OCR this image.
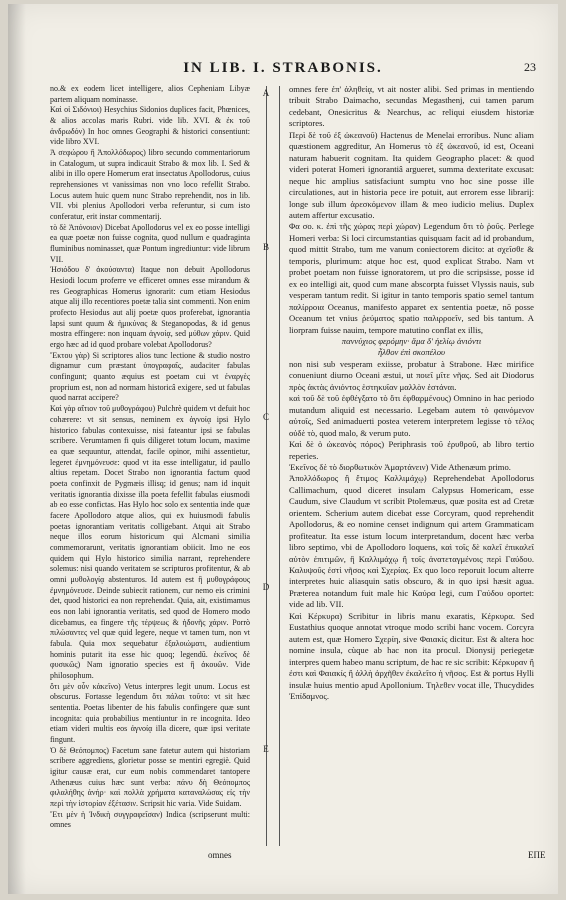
IN LIB. I. STRABONIS.	23

no.& ex eodem licet intelligere, alios Cepheniam Libyæ partem aliquam nominasse.

Καὶ οἱ Σιδόνιοι) Hesychius Sidonios duplices facit, Phœnices, & alios accolas maris Rubri. vide lib. XVI. & ἐκ τοῦ ἀνδρωδόν) In hoc omnes Geographi & historici consentiunt: vide libro XVI.

Ἀ σεφώρου ἢ Ἀπολλόδωρος) libro secundo commentariorum in Catalogum, ut supra indicauit Strabo & mox lib. I. Sed & alibi in illo opere Homerum erat insectatus Apollodorus, cuius reprehensiones vt vanissimas non vno loco refellit Strabo. Locus autem huic quem nunc Strabo reprehendit, nos in lib. VII. vbi plenius Apollodori verba referuntur, si cum isto conferatur, erit instar commentarij.

τὸ δὲ Ἀπόνοιον) Dicebat Apollodorus vel ex eo posse intelligi ea quæ poetæ non fuisse cognita, quod nullum e quadraginta fluminibus nominasset, quæ Pontum ingrediuntur: vide librum VII.

Ἡσιόδου δ' ἀκούσαντα) Itaque non debuit Apollodorus Hesiodi locum proferre ve efficeret omnes esse mirandum & res Geographicas Homerus ignorarit: cum etiam Hesiodus atque alij illo recentiores poetæ talia sint commenti. Non enim profecto Hesiodus aut alij poetæ quos proferebat, ignorantia lapsi sunt quum & ἡμικύνας & Steganopodas, & id genus mostra effingere: non inquam ἀγνοίᾳ, sed μύθων χάριν. Quid ergo hæc ad id quod probare volebat Apollodorus?

Ἔκτου γὰρ) Si scriptores alios tunc lectione & studio nostro dignamur cum præstant ὑπογραφαῖς, audaciter fabulas confingunt; quanto æquius est poetam cui vt ἐναργὲς proprium est, non ad normam historicâ exigere, sed ut fabulas quod narrat accipere?

Καὶ γὰρ αἴτιον τοῦ μυθογράφου) Pulchrè quidem vt defuit hoc cohærere: vt sit sensus, neminem ex ἀγνοίᾳ ipsi Hylo historico fabulas contexuisse, nisi fateantur ipsi se fabulas scribere. Verumtamen fi quis diligeret totum locum, maxime ea quæ sequuntur, attendat, facile opinor, mihi assentietur, legeret ἐμνημόνευσε: quod vt ita esse intelligatur, id paullo altius repetam. Docet Strabo non ignorantia factum quod poeta confinxit de Pygmæis illisq; id genus; nam id inquit veritatis ignorantia dixisse illa poeta fefellit fabulas eiusmodi ab eo esse confictas. Has Hylo hoc solo ex sententia inde quæ facere Apollodoro atque alios, qui ex huiusmodi fabulis poetas ignorantiam veritatis colligebant. Atqui ait Strabo neque illos eorum historicum qui Alcmani similia commemorarunt, veritatis ignorantiam obiicit. Imo ne eos quidem qui Hylo historico similia narrant, reprehendere solemus: nisi quando veritatem se scripturos profitentur, & ab omni μυθολογίᾳ abstenturos. Id autem est ἢ μυθογράφους ἐμνημόνευσε. Deinde subiecit rationem, cur nemo eis crimini det, quod historici ea non reprehendat. Quia, ait, existimamus eos non labi ignorantia veritatis, sed quod de Homero modo dicebamus, ea fingere τῆς τέρψεως & ἡδονῆς χάριν. Porrò πιλώσαντες vel quæ quid legere, neque vt tamen tum, non vt fabula. Quia mox sequebatur ἐξαλοιώματι, audientium hominis putarit ita esse hic quoq; legendū. ἐκεῖνος δὲ φυσικῶς) Nam ignoratio species est ἢ ἀκουῶν. Vide philosophum.

ὅτι μὲν οὖν κἀκεῖνο) Vetus interpres legit unum. Locus est obscurus. Fortasse legendum ὅτι πάλαι τοῦτο: vt sit hæc sententia. Poetas libenter de his fabulis confingere quæ sunt incognita: quia probabilius mentiuntur in re incognita. Ideo etiam videri multis eos ἀγνοίᾳ illa dicere, quæ ipsi veritate fingunt.

Ὁ δὲ Θεόπομπος) Facetum sane fatetur autem qui historiam scribere aggrediens, glorietur posse se mentiri egregiè. Quid igitur causæ erat, cur eum nobis commendaret tantopere Athenæus cuius hæc sunt verba: πάνυ δὴ Θεόπομπος φιλαλήθης ἀνήρ· καὶ πολλὰ χρήματα καταναλώσας εἰς τὴν περὶ τὴν ἱστορίαν ἐξέτασιν. Scripsit hic varia. Vide Suidam.

Ἔτι μὲν ἡ Ἰνδικὴ συγγραφεῖσαν) Indica (scripserunt multi: omnes

A
B
C
D
E

omnes fere ἐπ' ἀληθείᾳ, vt ait noster alibi. Sed primas in mentiendo tribuit Strabo Daimacho, secundas Megasthenj, cui tamen parum cedebant, Onesicritus & Nearchus, ac reliqui eiusdem historiæ scriptores.

Περὶ δὲ τοῦ ἐξ ὠκεανοῦ) Hactenus de Menelai erroribus. Nunc aliam quæstionem aggreditur, An Homerus τὸ ἐξ ὠκεανοῦ, id est, Oceani naturam habuerit cognitam. Ita quidem Geographo placet: & quod videri poterat Homeri ignorantiâ argueret, summa dexteritate excusat: neque hic amplius satisfaciunt sumptu vno hoc sine posse ille circulationes, aut in historia pece ire potuit, aut errorem esse librarij: longe sub illum ἀρεσκόμενον illam & meo iudicio melius. Duplex autem affertur excusatio.

Φα σο. κ. ἐπὶ τῆς χώρας περὶ χώραν) Legendum ὅτι τὸ ῥοῦς. Perlege Homeri verba: Si loci circumstantias quisquam facit ad id probandum, quod mittit Strabo, tum me vanum coniectorem dicito: at σχεῖσθε & temporis, plurimum: atque hoc est, quod explicat Strabo. Nam vt probet poetam non fuisse ignoratorem, ut pro die scripsisse, posse id ex eo intelligi ait, quod cum mane abscorpta fuisset Vlyssis nauis, sub vesperam tantum redit. Si igitur in tanto temporis spatio semel tantum παλίρροια Oceanus, manifesto apparet ex sententia poetæ, nō posse Oceanum tet vnius ῥεύματος spatio παλιρροεῖν, sed bis tantum. A liorpram fuisse nauim, tempore matutino conflat ex illis,

παννύχιος φερόμην· ἅμα δ' ἠελίῳ ἀνιόντι

ἦλθον ἐπὶ σκοπέλου

non nisi sub vesperam exiisse, probatur à Strabone. Hæc mirifice conueniunt diurno Oceani æstui, ut ποιεῖ μῖτε νῆας. Sed ait Diodorus πρὸς ἀκτὰς ἀνιόντος ἑστηκυῖαν μαλλὸν ἑστάναι.

καὶ τοῦ δὲ τοῦ ἐφθέγξατο τὸ ὄτι ἐφθαρμένους) Omnino in hac periodo mutandum aliquid est necessario. Legebam autem τὸ φαινόμενον αὐτοῖς, Sed animaduerti postea veterem interpretem legisse τὸ τέλος οὐδὲ τὸ, quod malo, & verum puto.

Καὶ δὲ ὁ ὠκεανὸς πόρος) Periphrasis τοῦ ἐρυθροῦ, ab libro tertio reperies.

Ἐκεῖνος δὲ τὸ διορθωτικὸν Ἀμαρτάνειν) Vide Athenæum primo.

Ἀπολλόδωρος ἢ ἔτιμος Καλλιμάχῳ) Reprehendebat Apollodorus Callimachum, quod diceret insulam Calypsus Homericam, esse Caudum, sive Claudum vt scribit Ptolemæus, quæ posita est ad Cretæ orientem. Scherium autem dicebat esse Corcyram, quod reprehendit Apollodorus, & eo nomine censet indignum qui artem Grammaticam profiteatur. Ita esse istum locum interpretandum, docent hæc verba libro septimo, vbi de Apollodoro loquens, καὶ τοῖς δὲ καλεῖ ἐπικαλεῖ αὐτὸν ἐπιτιμῶν, ἢ Καλλιμάχῳ ἢ τοῖς ἀνατεταγμένοις περὶ Γαύδου. Καλυψοῦς ἐστὶ νῆσος καὶ Σχερίας. Ex quo loco reporuit locum alterre interpretes huic aliasquin satis obscuro, & in quo ipsi hæsit agua. Præterea notandum fuit male hic Καύρα legi, cum Γαύδου oportet: vide ad lib. VII.

Καὶ Κέρκυρα) Scribitur in libris manu exaratis, Κέρκυρα. Sed Eustathius quoque annotat vtroque modo scribi hanc vocem. Corcyra autem est, quæ Homero Σχερίη, sive Φαιακίς dicitur. Est & altera hoc nomine insula, cùque ab hac non ita procul. Dionysij periegetæ interpres quem habeo manu scriptum, de hac re sic scribit: Κέρκυραν ἢ ἐστι καὶ Φαιακίς ἢ ἀλλὴ ἀρχῆθεν ἐκαλεῖτο ἡ νῆσος. Est & portus Hylli insulæ huius mentio apud Apollonium. Τηλεθεν vocat ille, Thucydides Ἐπίδαμνος.

omnes	ΕΠΕ
